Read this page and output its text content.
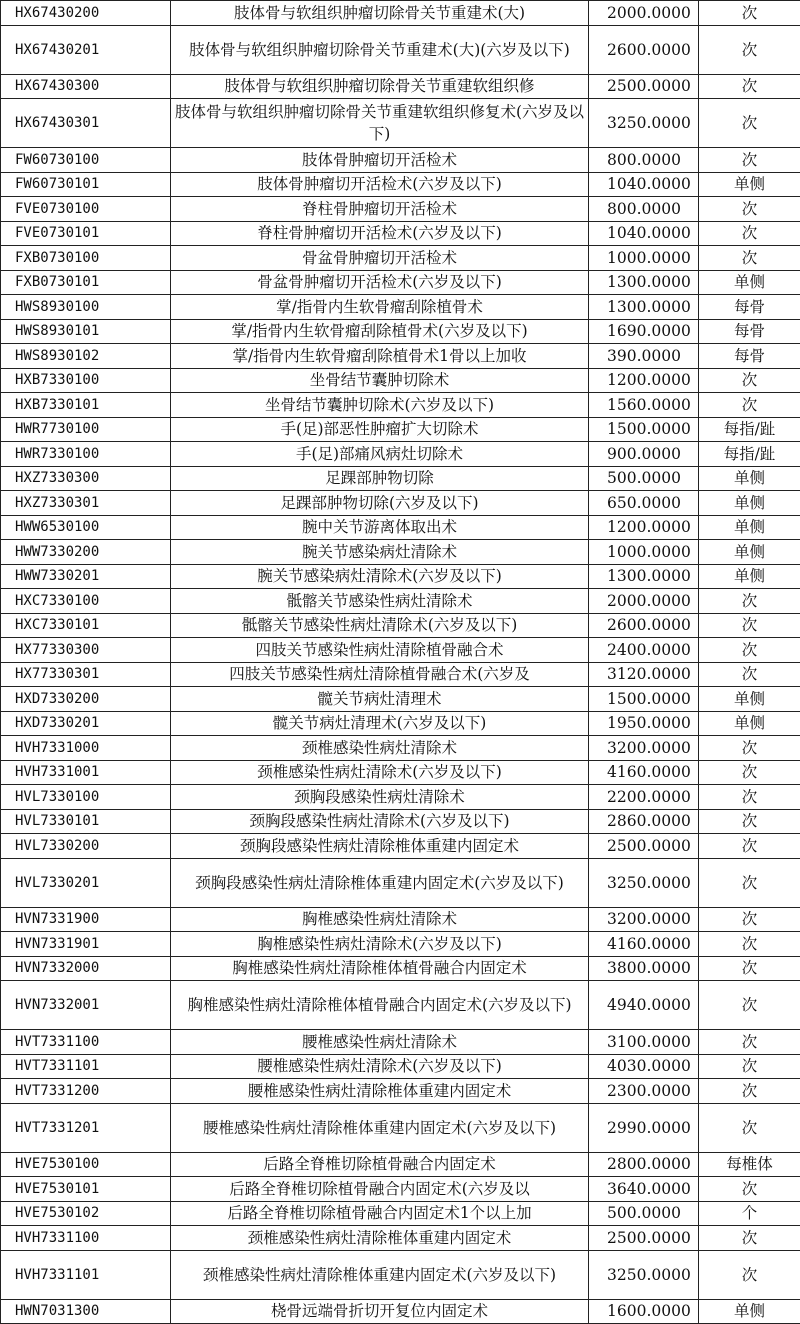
HX67430200	肢体骨与软组织肿瘤切除骨关节重建术(大)	2000.0000	次
HX67430201	肢体骨与软组织肿瘤切除骨关节重建术(大)(六岁及以下)	2600.0000	次
HX67430300	肢体骨与软组织肿瘤切除骨关节重建软组织修	2500.0000	次
HX67430301	肢体骨与软组织肿瘤切除骨关节重建软组织修复术(六岁及以下)	3250.0000	次
FW60730100	肢体骨肿瘤切开活检术	800.0000	次
FW60730101	肢体骨肿瘤切开活检术(六岁及以下)	1040.0000	单侧
FVE0730100	脊柱骨肿瘤切开活检术	800.0000	次
FVE0730101	脊柱骨肿瘤切开活检术(六岁及以下)	1040.0000	次
FXB0730100	骨盆骨肿瘤切开活检术	1000.0000	次
FXB0730101	骨盆骨肿瘤切开活检术(六岁及以下)	1300.0000	单侧
HWS8930100	掌/指骨内生软骨瘤刮除植骨术	1300.0000	每骨
HWS8930101	掌/指骨内生软骨瘤刮除植骨术(六岁及以下)	1690.0000	每骨
HWS8930102	掌/指骨内生软骨瘤刮除植骨术1骨以上加收	390.0000	每骨
HXB7330100	坐骨结节囊肿切除术	1200.0000	次
HXB7330101	坐骨结节囊肿切除术(六岁及以下)	1560.0000	次
HWR7730100	手(足)部恶性肿瘤扩大切除术	1500.0000	每指/趾
HWR7330100	手(足)部痛风病灶切除术	900.0000	每指/趾
HXZ7330300	足踝部肿物切除	500.0000	单侧
HXZ7330301	足踝部肿物切除(六岁及以下)	650.0000	单侧
HWW6530100	腕中关节游离体取出术	1200.0000	单侧
HWW7330200	腕关节感染病灶清除术	1000.0000	单侧
HWW7330201	腕关节感染病灶清除术(六岁及以下)	1300.0000	单侧
HXC7330100	骶髂关节感染性病灶清除术	2000.0000	次
HXC7330101	骶髂关节感染性病灶清除术(六岁及以下)	2600.0000	次
HX77330300	四肢关节感染性病灶清除植骨融合术	2400.0000	次
HX77330301	四肢关节感染性病灶清除植骨融合术(六岁及	3120.0000	次
HXD7330200	髋关节病灶清理术	1500.0000	单侧
HXD7330201	髋关节病灶清理术(六岁及以下)	1950.0000	单侧
HVH7331000	颈椎感染性病灶清除术	3200.0000	次
HVH7331001	颈椎感染性病灶清除术(六岁及以下)	4160.0000	次
HVL7330100	颈胸段感染性病灶清除术	2200.0000	次
HVL7330101	颈胸段感染性病灶清除术(六岁及以下)	2860.0000	次
HVL7330200	颈胸段感染性病灶清除椎体重建内固定术	2500.0000	次
HVL7330201	颈胸段感染性病灶清除椎体重建内固定术(六岁及以下)	3250.0000	次
HVN7331900	胸椎感染性病灶清除术	3200.0000	次
HVN7331901	胸椎感染性病灶清除术(六岁及以下)	4160.0000	次
HVN7332000	胸椎感染性病灶清除椎体植骨融合内固定术	3800.0000	次
HVN7332001	胸椎感染性病灶清除椎体植骨融合内固定术(六岁及以下)	4940.0000	次
HVT7331100	腰椎感染性病灶清除术	3100.0000	次
HVT7331101	腰椎感染性病灶清除术(六岁及以下)	4030.0000	次
HVT7331200	腰椎感染性病灶清除椎体重建内固定术	2300.0000	次
HVT7331201	腰椎感染性病灶清除椎体重建内固定术(六岁及以下)	2990.0000	次
HVE7530100	后路全脊椎切除植骨融合内固定术	2800.0000	每椎体
HVE7530101	后路全脊椎切除植骨融合内固定术(六岁及以	3640.0000	次
HVE7530102	后路全脊椎切除植骨融合内固定术1个以上加	500.0000	个
HVH7331100	颈椎感染性病灶清除椎体重建内固定术	2500.0000	次
HVH7331101	颈椎感染性病灶清除椎体重建内固定术(六岁及以下)	3250.0000	次
HWN7031300	桡骨远端骨折切开复位内固定术	1600.0000	单侧
